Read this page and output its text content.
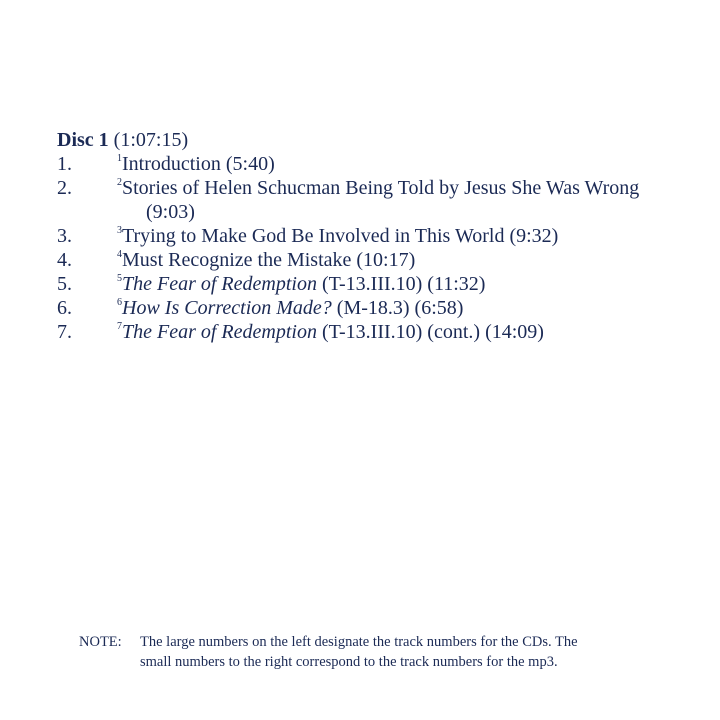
Disc 1 (1:07:15)
1.	$^1$Introduction (5:40)
2.	$^2$Stories of Helen Schucman Being Told by Jesus She Was Wrong
(9:03)
3.	$^3$Trying to Make God Be Involved in This World (9:32)
4.	$^4$Must Recognize the Mistake (10:17)
5.	$^5$The Fear of Redemption (T-13.III.10) (11:32)
6.	$^6$How Is Correction Made? (M-18.3) (6:58)
7.	$^7$The Fear of Redemption (T-13.III.10) (cont.) (14:09)
NOTE: The large numbers on the left designate the track numbers for the CDs. The
small numbers to the right correspond to the track numbers for the mp3.
